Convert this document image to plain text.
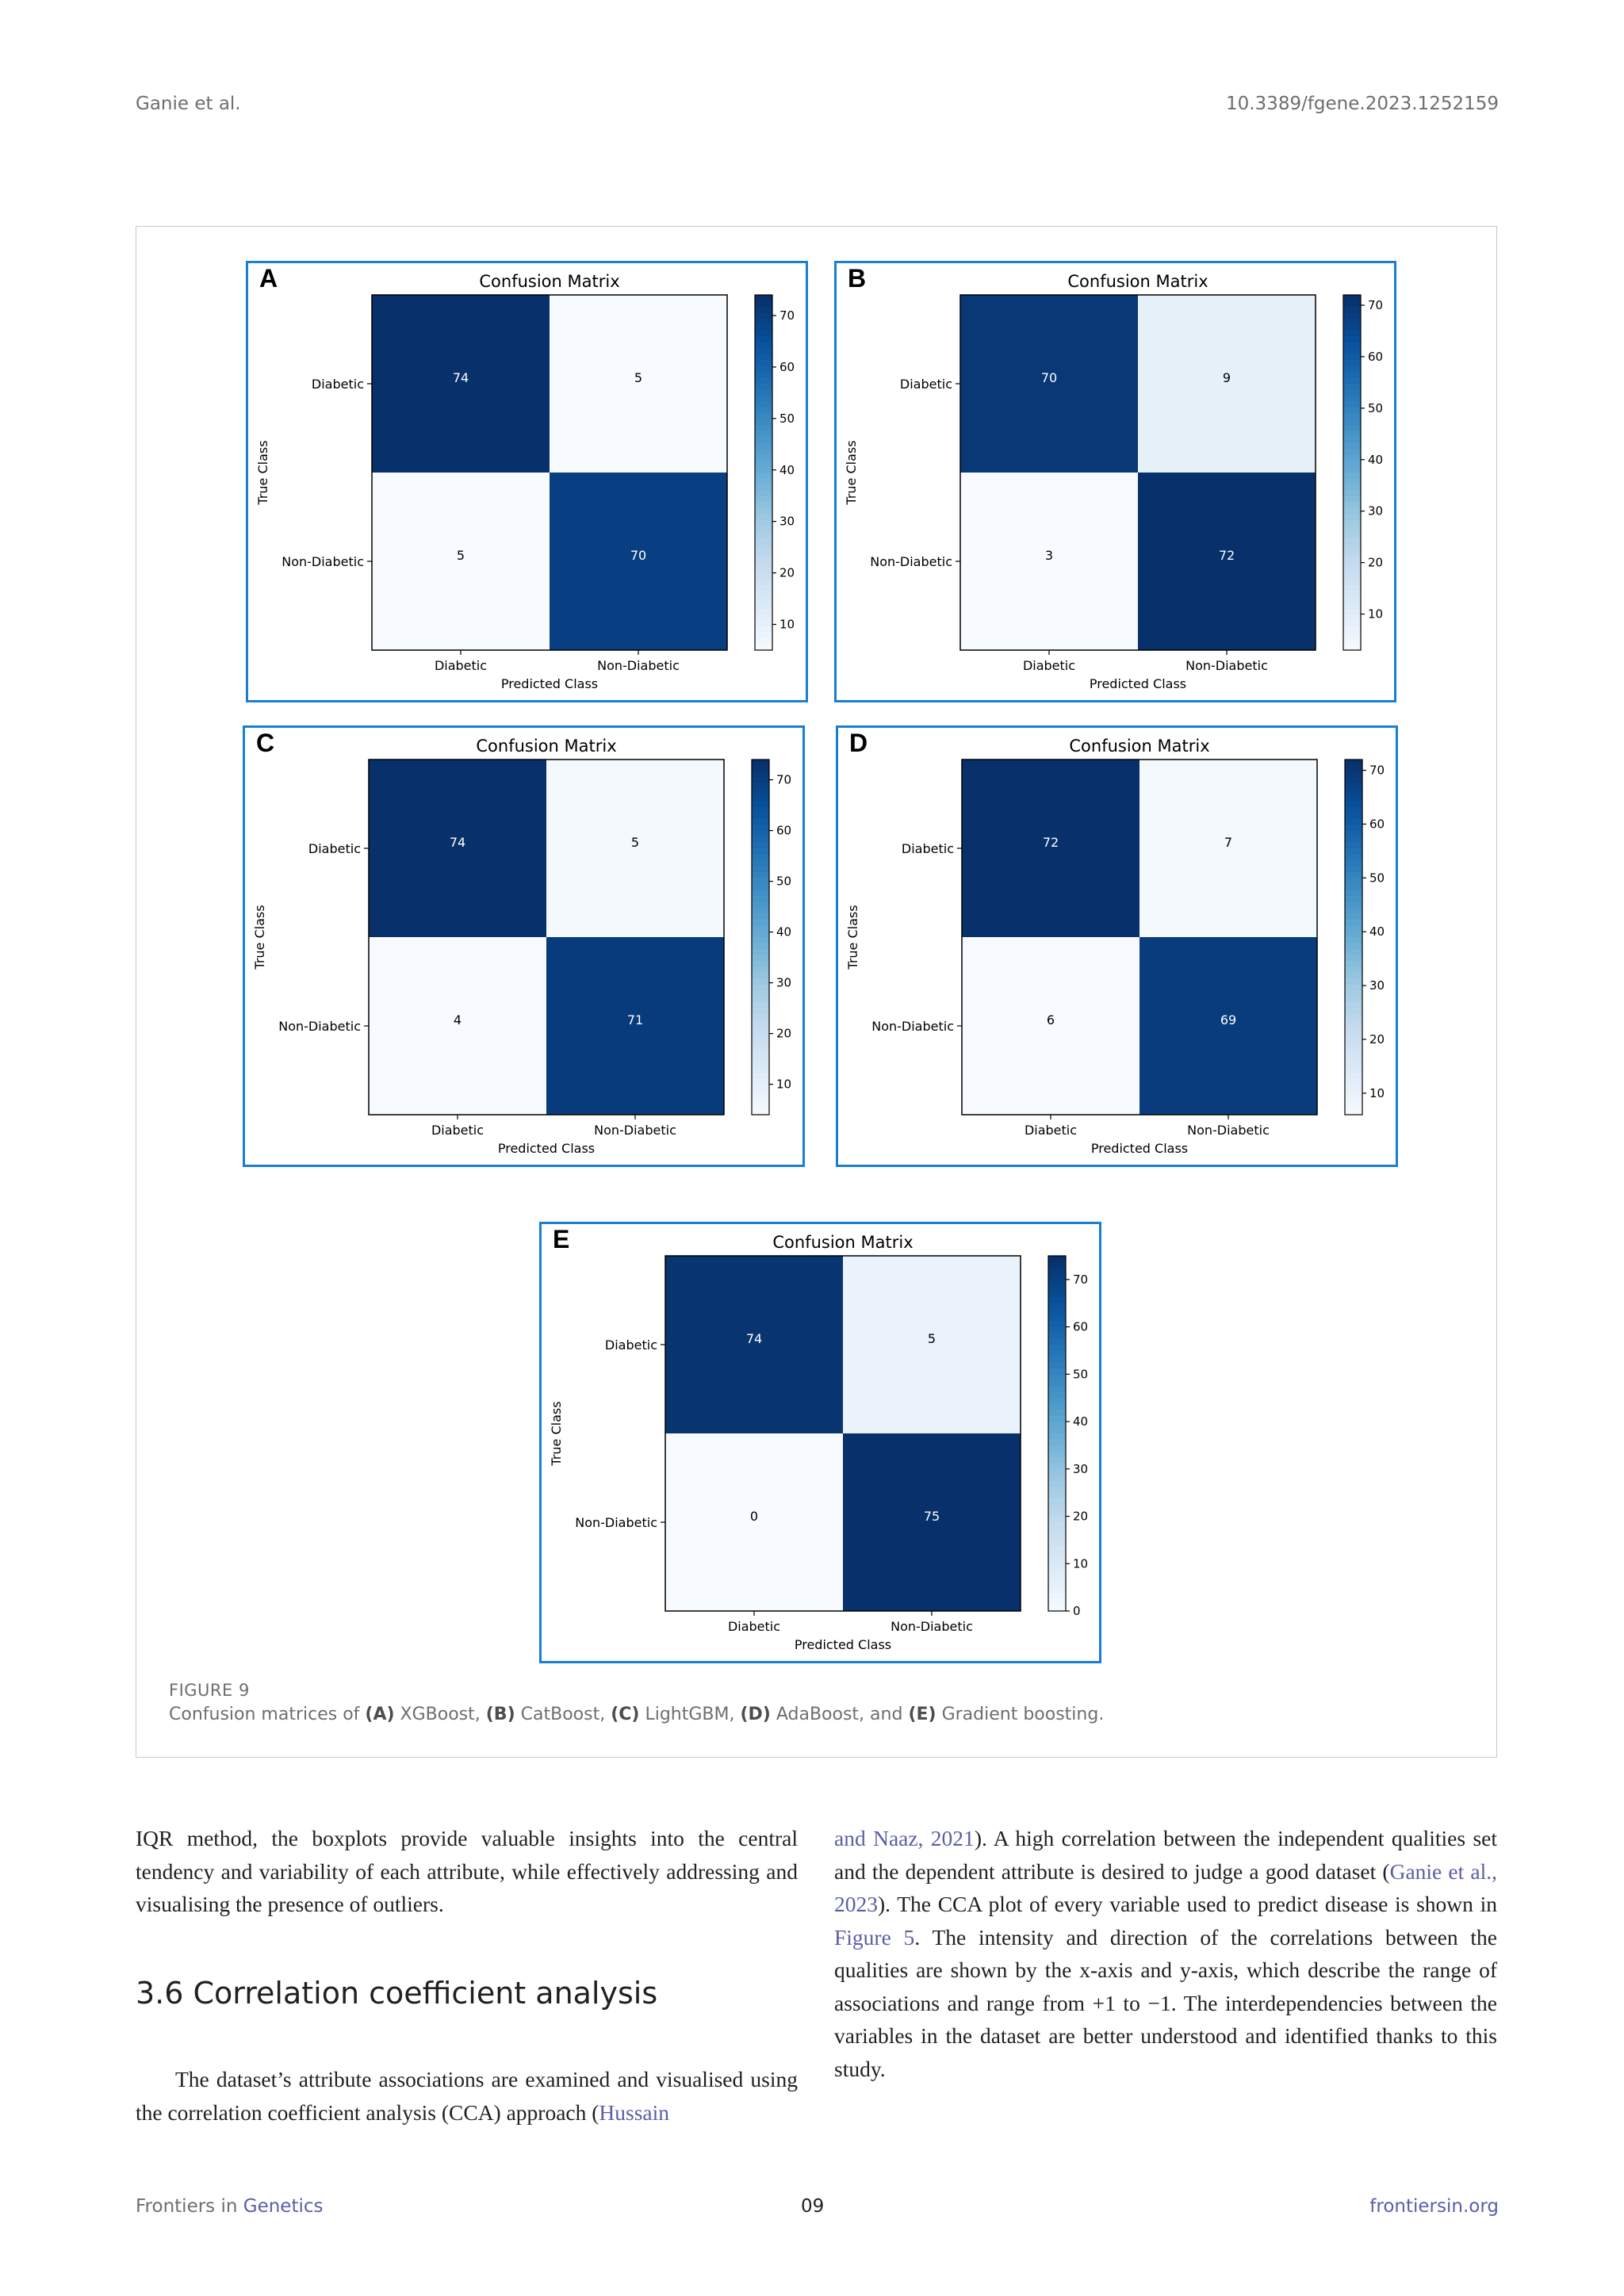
Ganie et al.	10.3389/fgene.2023.1252159
A	Confusion Matrix
74	5
5	70
Diabetic
Non-Diabetic
Diabetic	Non-Diabetic
Predicted Class
True Class
10
20
30
40
50
60
70
B	Confusion Matrix
70	9
3	72
Diabetic
Non-Diabetic
Diabetic	Non-Diabetic
Predicted Class
True Class
10
20
30
40
50
60
70
C	Confusion Matrix
74	5
4	71
Diabetic
Non-Diabetic
Diabetic	Non-Diabetic
Predicted Class
True Class
10
20
30
40
50
60
70
D	Confusion Matrix
72	7
6	69
Diabetic
Non-Diabetic
Diabetic	Non-Diabetic
Predicted Class
True Class
10
20
30
40
50
60
70
E	Confusion Matrix
74	5
0	75
Diabetic
Non-Diabetic
Diabetic	Non-Diabetic
Predicted Class
True Class
0
10
20
30
40
50
60
70
FIGURE 9
Confusion matrices of (A) XGBoost, (B) CatBoost, (C) LightGBM, (D) AdaBoost, and (E) Gradient boosting.

IQR method, the boxplots provide valuable insights into the central tendency and variability of each attribute, while effectively addressing and visualising the presence of outliers.

3.6 Correlation coefficient analysis

The dataset’s attribute associations are examined and visualised using the correlation coefficient analysis (CCA) approach (Hussain

and Naaz, 2021). A high correlation between the independent qualities set and the dependent attribute is desired to judge a good dataset (Ganie et al., 2023). The CCA plot of every variable used to predict disease is shown in Figure 5. The intensity and direction of the correlations between the qualities are shown by the x-axis and y-axis, which describe the range of associations and range from +1 to −1. The interdependencies between the variables in the dataset are better understood and identified thanks to this study.

Frontiers in Genetics	09	frontiersin.org
